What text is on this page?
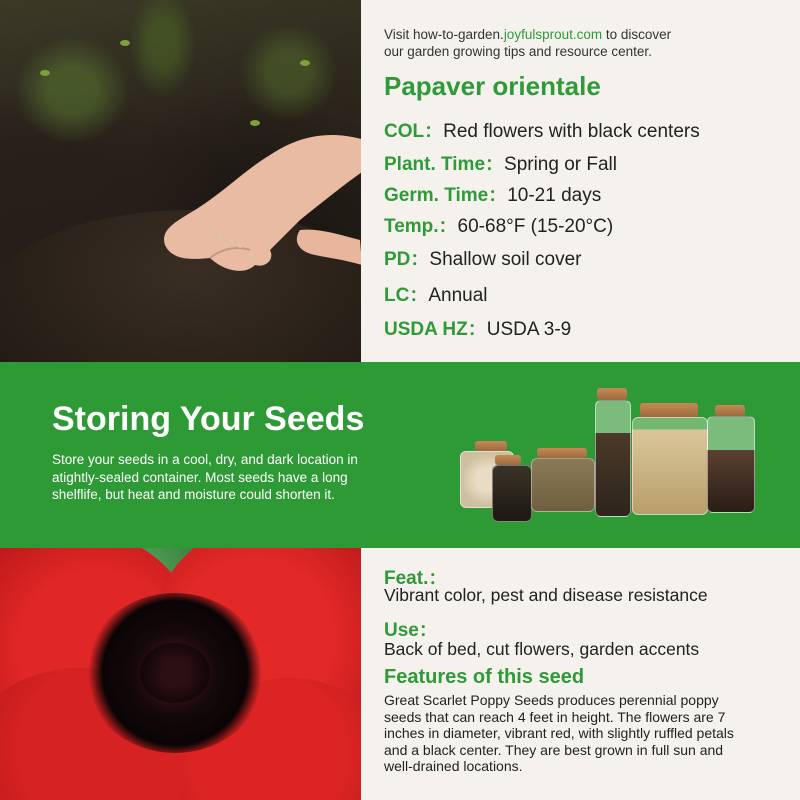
Visit how-to-garden.joyfulsprout.com to discover
our garden growing tips and resource center.
Papaver orientale
COL：Red flowers with black centers
Plant. Time：Spring or Fall
Germ. Time：10-21 days
Temp.：60-68°F (15-20°C)
PD：Shallow soil cover
LC：Annual
USDA HZ：USDA 3-9
Storing Your Seeds
Store your seeds in a cool, dry, and dark location in
atightly-sealed container. Most seeds have a long
shelflife, but heat and moisture could shorten it.
Feat.：
Vibrant color, pest and disease resistance
Use：
Back of bed, cut flowers, garden accents
Features of this seed
Great Scarlet Poppy Seeds produces perennial poppy
seeds that can reach 4 feet in height. The flowers are 7
inches in diameter, vibrant red, with slightly ruffled petals
and a black center. They are best grown in full sun and
well-drained locations.
